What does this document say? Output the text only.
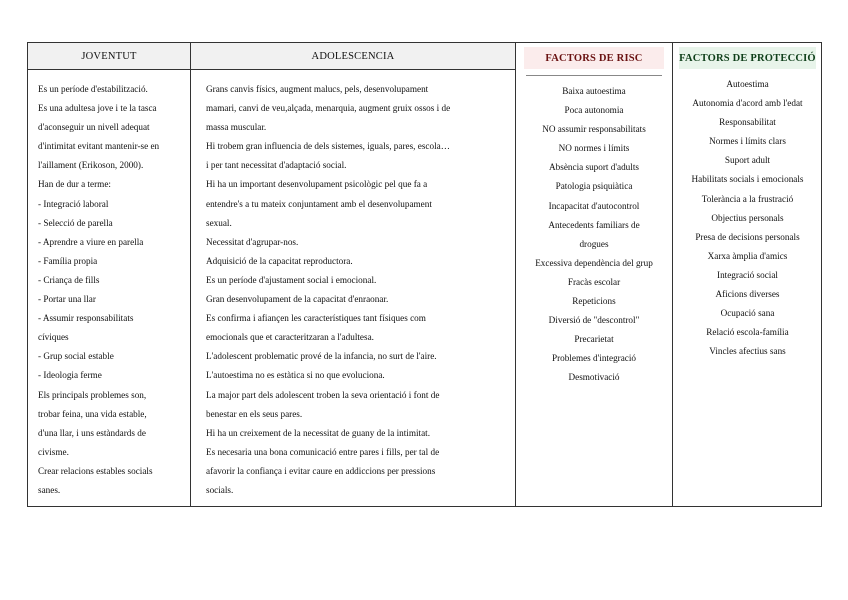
JOVENTUT
Es un període d'estabilització.
Es una adultesa jove i te la tasca
d'aconseguir un nivell adequat
d'intimitat evitant mantenir-se en
l'aillament (Erikoson, 2000).
Han de dur a terme:
- Integració laboral
- Selecció de parella
- Aprendre a viure en parella
- Família propia
- Criança de fills
- Portar una llar
- Assumir responsabilitats
cíviques
- Grup social estable
- Ideologia ferme
Els principals problemes son,
trobar feina, una vida estable,
d'una llar, i uns estàndards de
civisme.
Crear relacions estables socials
sanes.
ADOLESCENCIA
Grans canvis físics, augment malucs, pels, desenvolupament
mamari, canvi de veu,alçada, menarquia, augment gruix ossos i de
massa muscular.
Hi trobem gran influencia de dels sistemes, iguals, pares, escola…
i per tant necessitat d'adaptació social.
Hi ha un important desenvolupament psicològic pel que fa a
entendre's a tu mateix conjuntament amb el desenvolupament
sexual.
Necessitat d'agrupar-nos.
Adquisició de la capacitat reproductora.
Es un període d'ajustament social i emocional.
Gran desenvolupament de la capacitat d'enraonar.
Es confirma i afiançen les característiques tant físiques com
emocionals que et caracteritzaran a l'adultesa.
L'adolescent problematic prové de la infancia, no surt de l'aire.
L'autoestima no es estàtica si no que evoluciona.
La major part dels adolescent troben la seva orientació i font de
benestar en els seus pares.
Hi ha un creixement de la necessitat de guany de la intimitat.
Es necesaria una bona comunicació entre pares i fills, per tal de
afavorir la confiança i evitar caure en addiccions per pressions
socials.
FACTORS DE RISC
Baixa autoestima
Poca autonomia
NO assumir responsabilitats
NO normes i límits
Absència suport d'adults
Patologia psiquiàtica
Incapacitat d'autocontrol
Antecedents familiars de
drogues
Excessiva dependència del grup
Fracàs escolar
Repeticions
Diversió de "descontrol"
Precarietat
Problemes d'integració
Desmotivació
FACTORS DE PROTECCIÓ
Autoestima
Autonomia d'acord amb l'edat
Responsabilitat
Normes i límits clars
Suport adult
Habilitats socials i emocionals
Tolerància a la frustració
Objectius personals
Presa de decisions personals
Xarxa àmplia d'amics
Integració social
Aficions diverses
Ocupació sana
Relació escola-família
Vincles afectius sans
